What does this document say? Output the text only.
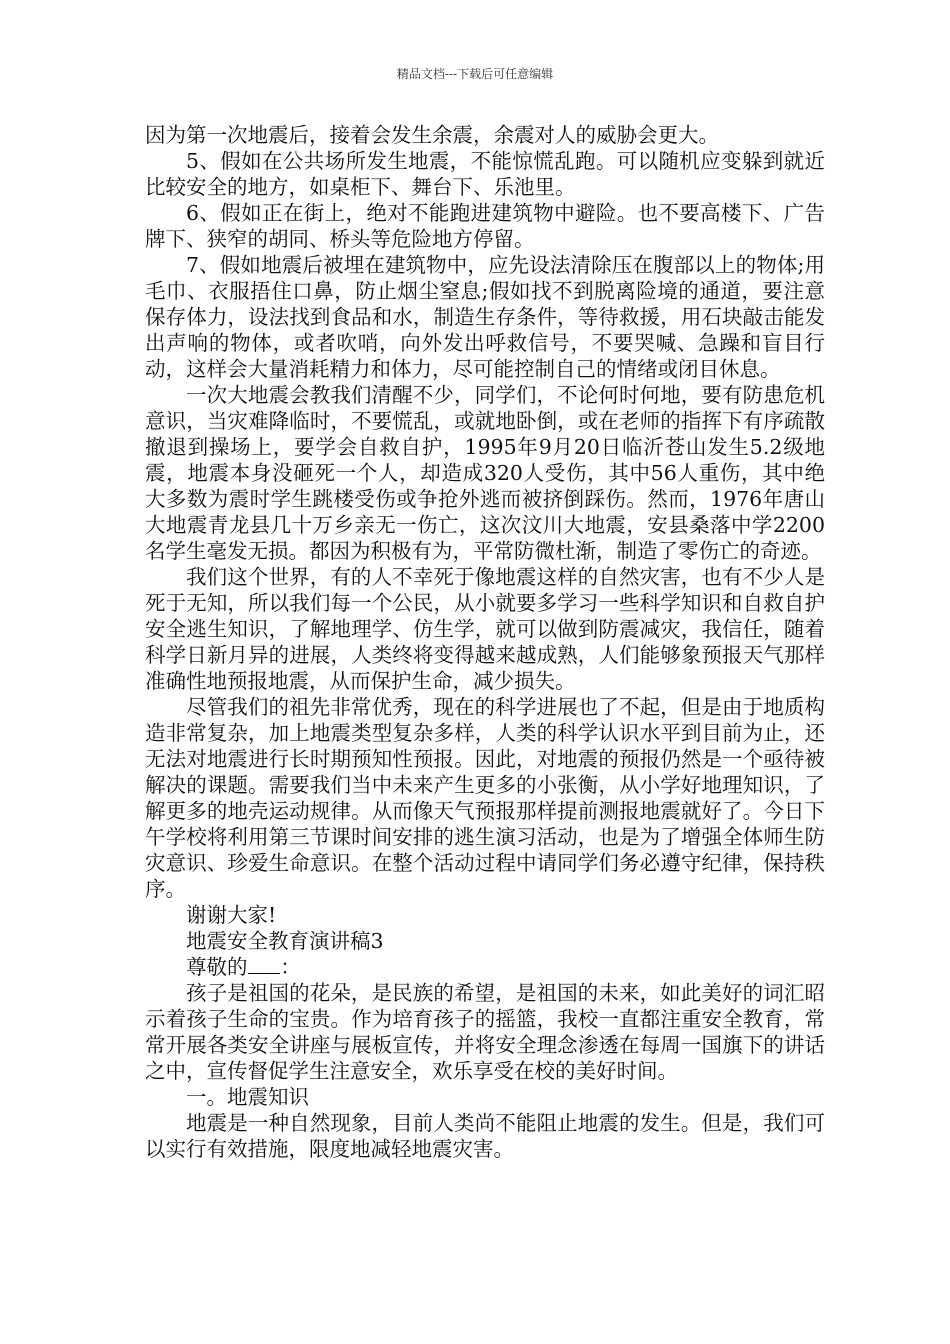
精品文档---下载后可任意编辑

因为第一次地震后，接着会发生余震，余震对人的威胁会更大。

5、假如在公共场所发生地震，不能惊慌乱跑。可以随机应变躲到就近比较安全的地方，如桌柜下、舞台下、乐池里。

6、假如正在街上，绝对不能跑进建筑物中避险。也不要高楼下、广告牌下、狭窄的胡同、桥头等危险地方停留。

7、假如地震后被埋在建筑物中，应先设法清除压在腹部以上的物体;用毛巾、衣服捂住口鼻，防止烟尘窒息;假如找不到脱离险境的通道，要注意保存体力，设法找到食品和水，制造生存条件，等待救援，用石块敲击能发出声响的物体，或者吹哨，向外发出呼救信号，不要哭喊、急躁和盲目行动，这样会大量消耗精力和体力，尽可能控制自己的情绪或闭目休息。

一次大地震会教我们清醒不少，同学们，不论何时何地，要有防患危机意识，当灾难降临时，不要慌乱，或就地卧倒，或在老师的指挥下有序疏散撤退到操场上，要学会自救自护，1995年9月20日临沂苍山发生5.2级地震，地震本身没砸死一个人，却造成320人受伤，其中56人重伤，其中绝大多数为震时学生跳楼受伤或争抢外逃而被挤倒踩伤。然而，1976年唐山大地震青龙县几十万乡亲无一伤亡，这次汶川大地震，安县桑落中学2200名学生毫发无损。都因为积极有为，平常防微杜渐，制造了零伤亡的奇迹。

我们这个世界，有的人不幸死于像地震这样的自然灾害，也有不少人是死于无知，所以我们每一个公民，从小就要多学习一些科学知识和自救自护安全逃生知识，了解地理学、仿生学，就可以做到防震减灾，我信任，随着科学日新月异的进展，人类终将变得越来越成熟，人们能够象预报天气那样准确性地预报地震，从而保护生命，减少损失。

尽管我们的祖先非常优秀，现在的科学进展也了不起，但是由于地质构造非常复杂，加上地震类型复杂多样，人类的科学认识水平到目前为止，还无法对地震进行长时期预知性预报。因此，对地震的预报仍然是一个亟待被解决的课题。需要我们当中未来产生更多的小张衡，从小学好地理知识，了解更多的地壳运动规律。从而像天气预报那样提前测报地震就好了。今日下午学校将利用第三节课时间安排的逃生演习活动，也是为了增强全体师生防灾意识、珍爱生命意识。在整个活动过程中请同学们务必遵守纪律，保持秩序。

谢谢大家!

地震安全教育演讲稿3

尊敬的 ：

孩子是祖国的花朵，是民族的希望，是祖国的未来，如此美好的词汇昭示着孩子生命的宝贵。作为培育孩子的摇篮，我校一直都注重安全教育，常常开展各类安全讲座与展板宣传，并将安全理念渗透在每周一国旗下的讲话之中，宣传督促学生注意安全，欢乐享受在校的美好时间。

一。地震知识

地震是一种自然现象，目前人类尚不能阻止地震的发生。但是，我们可以实行有效措施，限度地减轻地震灾害。
